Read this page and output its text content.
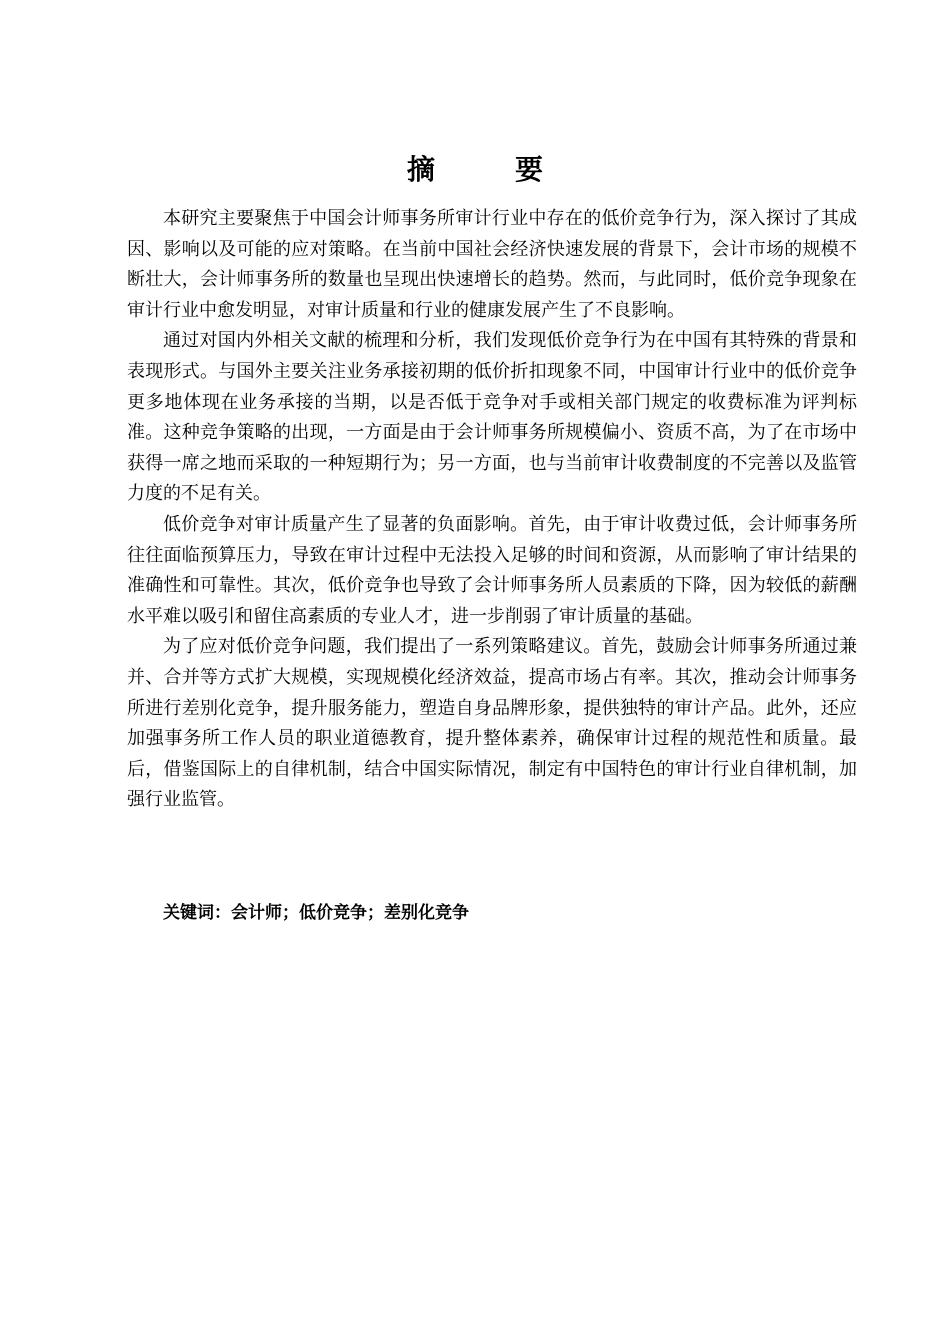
摘　要

本研究主要聚焦于中国会计师事务所审计行业中存在的低价竞争行为，深入探讨了其成因、影响以及可能的应对策略。在当前中国社会经济快速发展的背景下，会计市场的规模不断壮大，会计师事务所的数量也呈现出快速增长的趋势。然而，与此同时，低价竞争现象在审计行业中愈发明显，对审计质量和行业的健康发展产生了不良影响。

通过对国内外相关文献的梳理和分析，我们发现低价竞争行为在中国有其特殊的背景和表现形式。与国外主要关注业务承接初期的低价折扣现象不同，中国审计行业中的低价竞争更多地体现在业务承接的当期，以是否低于竞争对手或相关部门规定的收费标准为评判标准。这种竞争策略的出现，一方面是由于会计师事务所规模偏小、资质不高，为了在市场中获得一席之地而采取的一种短期行为；另一方面，也与当前审计收费制度的不完善以及监管力度的不足有关。

低价竞争对审计质量产生了显著的负面影响。首先，由于审计收费过低，会计师事务所往往面临预算压力，导致在审计过程中无法投入足够的时间和资源，从而影响了审计结果的准确性和可靠性。其次，低价竞争也导致了会计师事务所人员素质的下降，因为较低的薪酬水平难以吸引和留住高素质的专业人才，进一步削弱了审计质量的基础。

为了应对低价竞争问题，我们提出了一系列策略建议。首先，鼓励会计师事务所通过兼并、合并等方式扩大规模，实现规模化经济效益，提高市场占有率。其次，推动会计师事务所进行差别化竞争，提升服务能力，塑造自身品牌形象，提供独特的审计产品。此外，还应加强事务所工作人员的职业道德教育，提升整体素养，确保审计过程的规范性和质量。最后，借鉴国际上的自律机制，结合中国实际情况，制定有中国特色的审计行业自律机制，加强行业监管。

关键词：会计师；低价竞争；差别化竞争
